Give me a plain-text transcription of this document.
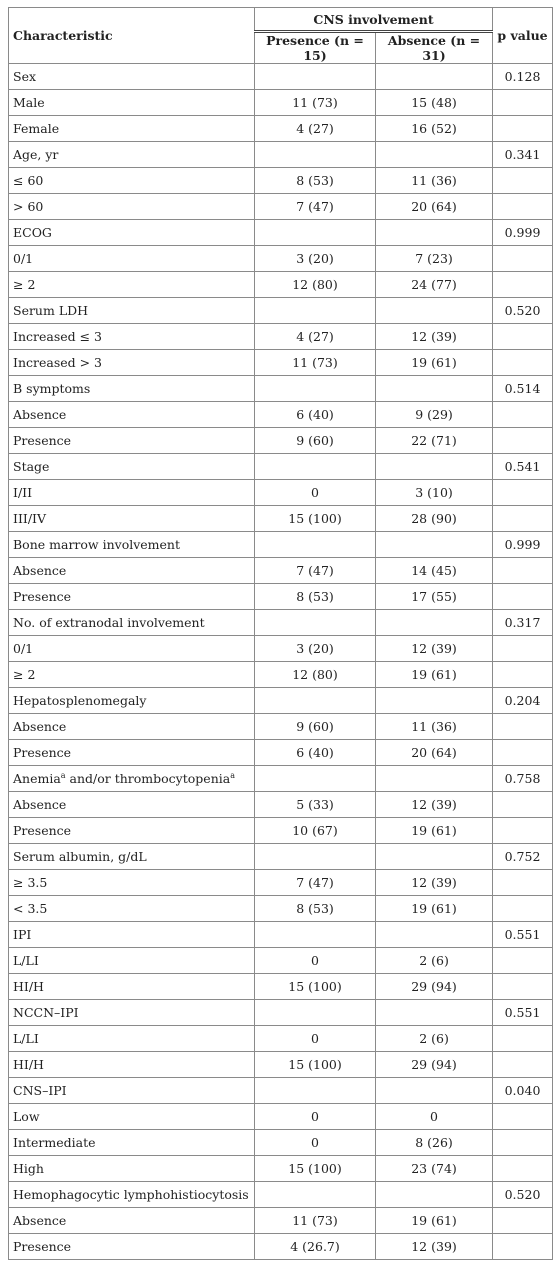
Characteristic	CNS involvement		p value
	Presence (n = 15)	Absence (n = 31)	
Sex			0.128
Male	11 (73)	15 (48)	
Female	4 (27)	16 (52)	
Age, yr			0.341
≤ 60	8 (53)	11 (36)	
> 60	7 (47)	20 (64)	
ECOG			0.999
0/1	3 (20)	7 (23)	
≥ 2	12 (80)	24 (77)	
Serum LDH			0.520
Increased ≤ 3	4 (27)	12 (39)	
Increased > 3	11 (73)	19 (61)	
B symptoms			0.514
Absence	6 (40)	9 (29)	
Presence	9 (60)	22 (71)	
Stage			0.541
I/II	0	3 (10)	
III/IV	15 (100)	28 (90)	
Bone marrow involvement			0.999
Absence	7 (47)	14 (45)	
Presence	8 (53)	17 (55)	
No. of extranodal involvement			0.317
0/1	3 (20)	12 (39)	
≥ 2	12 (80)	19 (61)	
Hepatosplenomegaly			0.204
Absence	9 (60)	11 (36)	
Presence	6 (40)	20 (64)	
Anemia$^a$ and/or thrombocytopenia$^a$			0.758
Absence	5 (33)	12 (39)	
Presence	10 (67)	19 (61)	
Serum albumin, g/dL			0.752
≥ 3.5	7 (47)	12 (39)	
< 3.5	8 (53)	19 (61)	
IPI			0.551
L/LI	0	2 (6)	
HI/H	15 (100)	29 (94)	
NCCN–IPI			0.551
L/LI	0	2 (6)	
HI/H	15 (100)	29 (94)	
CNS–IPI			0.040
Low	0	0	
Intermediate	0	8 (26)	
High	15 (100)	23 (74)	
Hemophagocytic lymphohistiocytosis			0.520
Absence	11 (73)	19 (61)	
Presence	4 (26.7)	12 (39)	
